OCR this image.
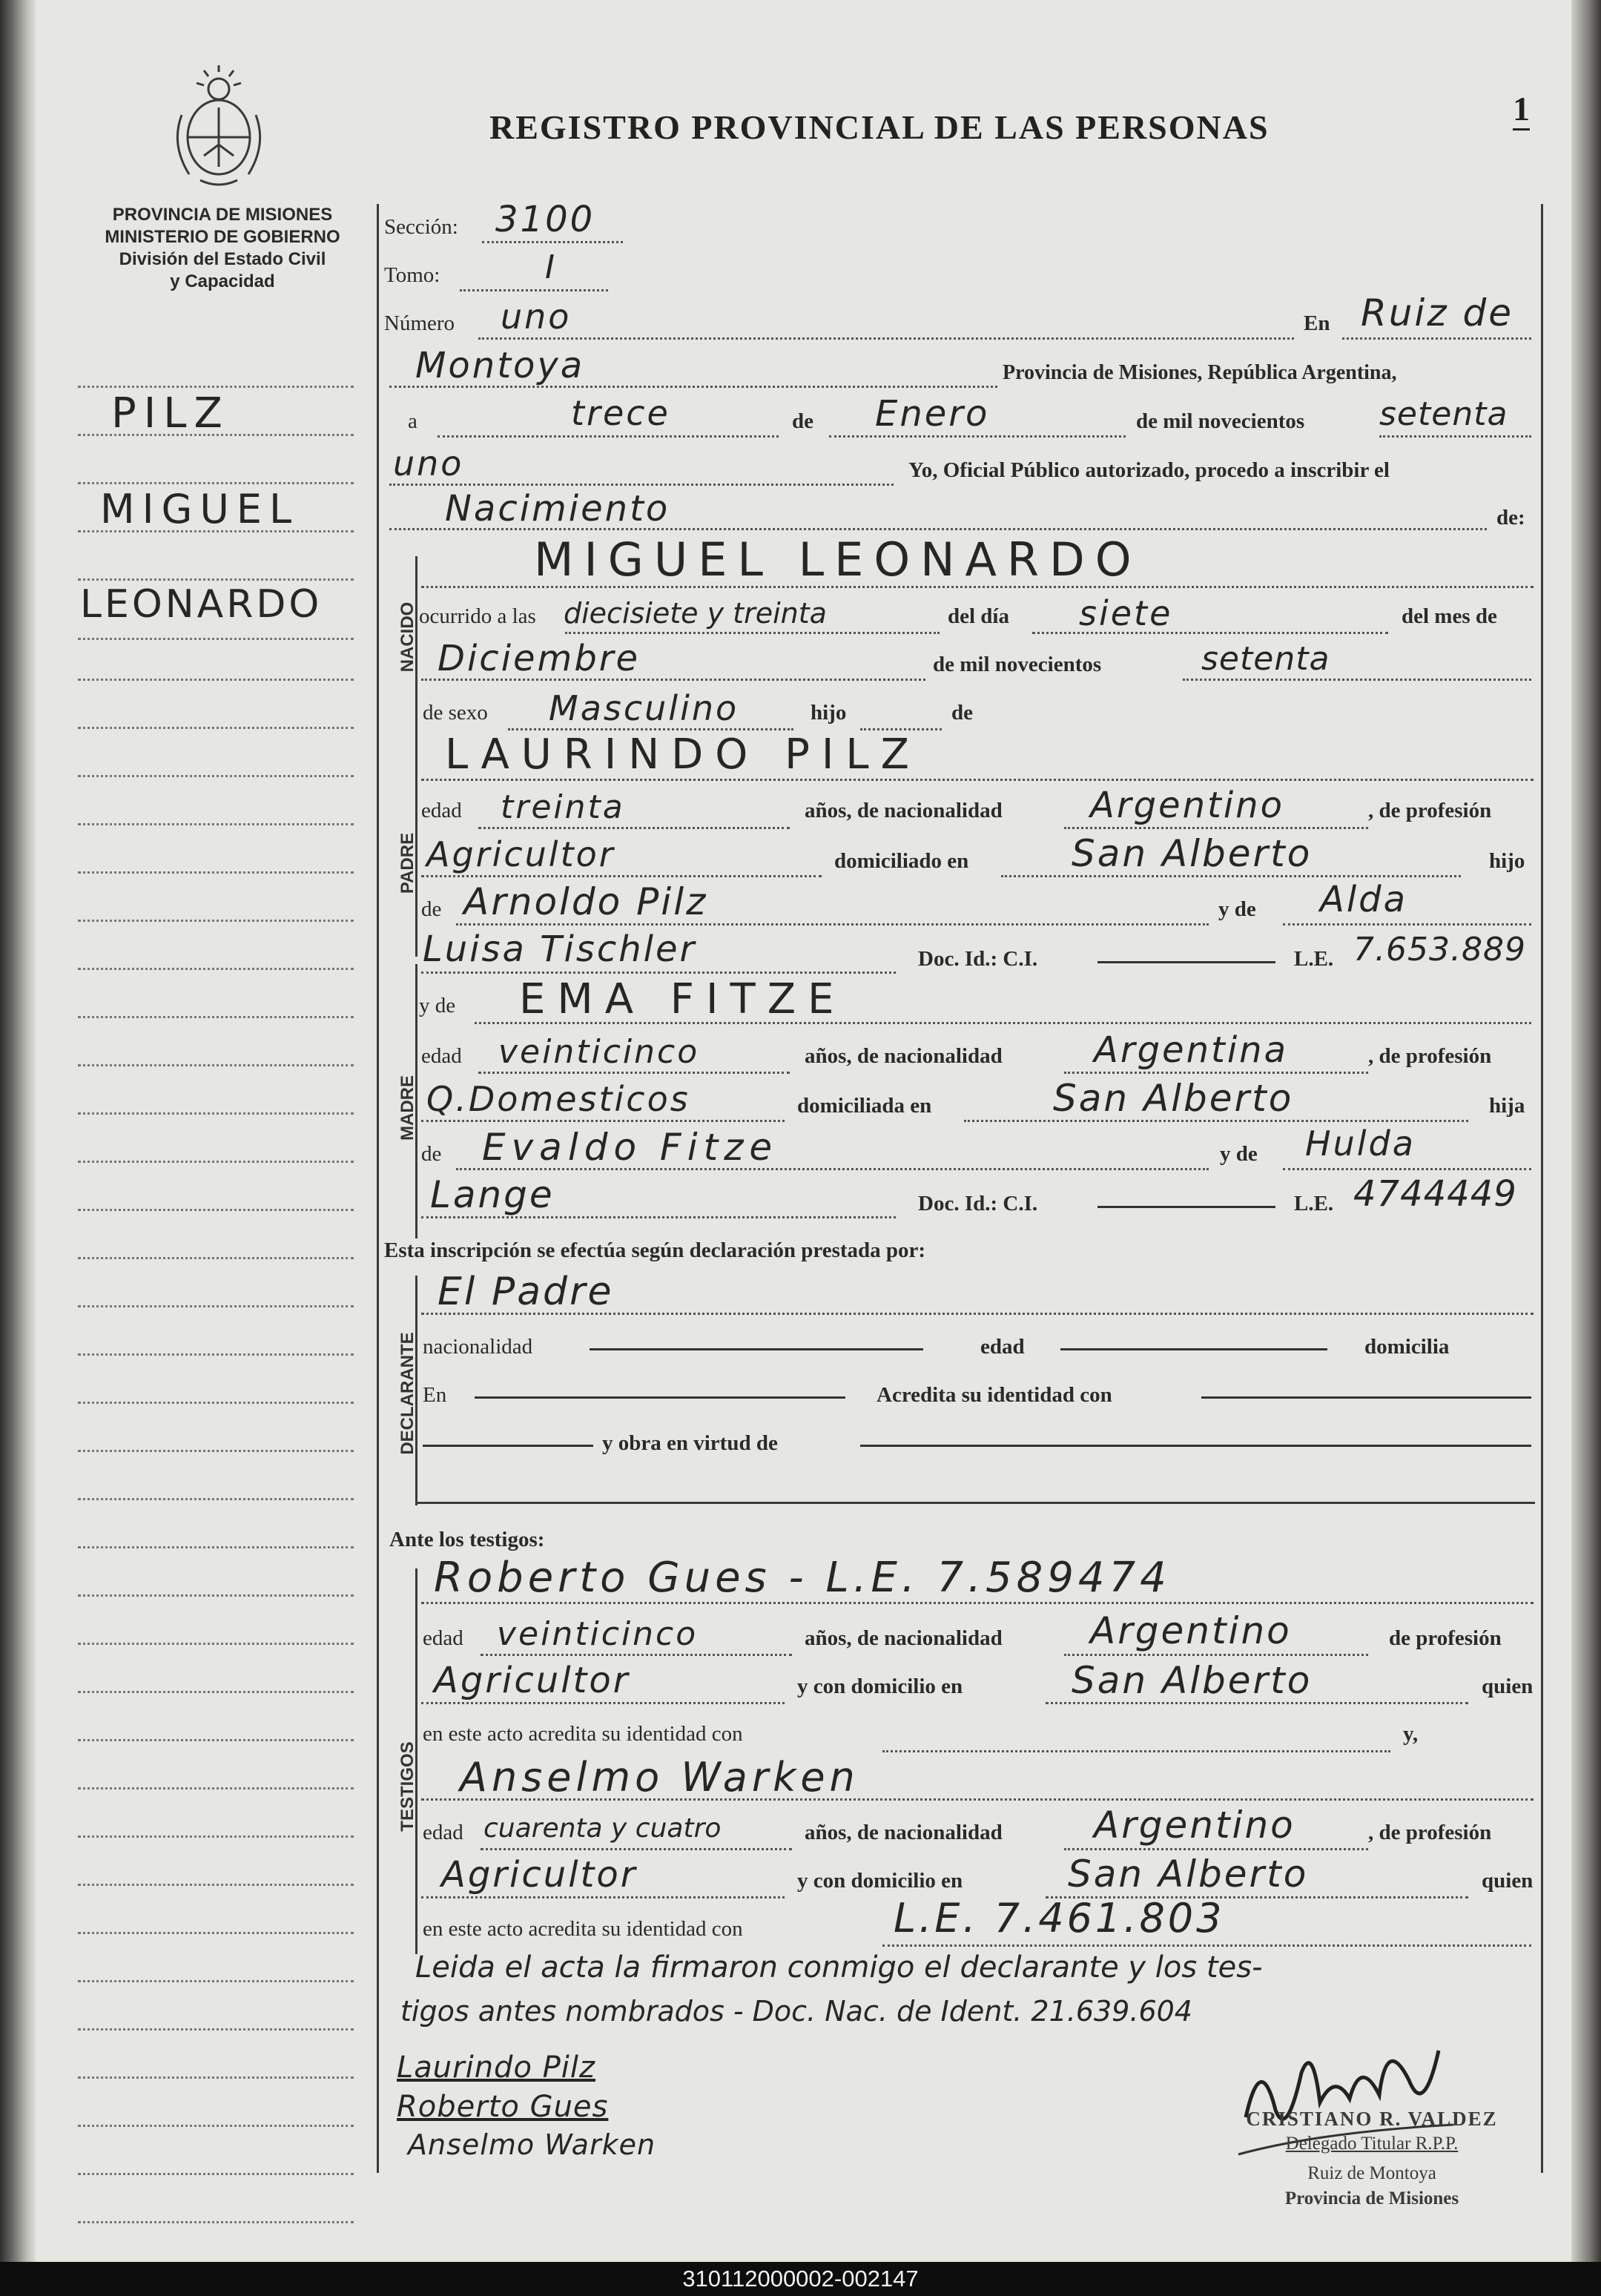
PROVINCIA DE MISIONES
MINISTERIO DE GOBIERNO
División del Estado Civil
y Capacidad
REGISTRO PROVINCIAL DE LAS PERSONAS	1
PILZ
MIGUEL
LEONARDO	NACIDO
PADRE
MADRE
DECLARANTE
TESTIGOS
Sección: 3100
Tomo:	I
Número uno	En Ruiz de
Montoya	Provincia de Misiones, República Argentina,
a	trece	de Enero	de mil novecientos setenta
uno	Yo, Oficial Público autorizado, procedo a inscribir el
Nacimiento	de:
MIGUEL LEONARDO
ocurrido a las diecisiete y treinta	del día siete	del mes de
Diciembre	de mil novecientos	setenta
de sexo Masculino	hijo	de
LAURINDO PILZ
edad treinta	años, de nacionalidad Argentino	, de profesión
Agricultor	domiciliado en	San Alberto	hijo
de Arnoldo Pilz	y de Alda
Luisa Tischler	Doc. Id.: C.I.	L.E. 7.653.889
y de EMA FITZE
edad veinticinco	años, de nacionalidad	Argentina	, de profesión
Q.Domesticos	domiciliada en	San Alberto	hija
de Evaldo Fitze	y de Hulda
Lange	Doc. Id.: C.I.	L.E. 4744449
Esta inscripción se efectúa según declaración prestada por:
El Padre
nacionalidad	edad	domicilia
En	Acredita su identidad con
y obra en virtud de
Ante los testigos:
Roberto Gues - L.E. 7.589474
edad veinticinco	años, de nacionalidad Argentino	de profesión
Agricultor	y con domicilio en	San Alberto	quien
en este acto acredita su identidad con	y,
Anselmo Warken
edad cuarenta y cuatro	años, de nacionalidad Argentino	, de profesión
Agricultor	y con domicilio en	San Alberto	quien
en este acto acredita su identidad con	L.E. 7.461.803
Leida el acta la firmaron conmigo el declarante y los tes-
tigos antes nombrados - Doc. Nac. de Ident. 21.639.604
Laurindo Pilz
Roberto Gues
Anselmo Warken
CRISTIANO R. VALDEZ
Delegado Titular R.P.P.
Ruiz de Montoya
Provincia de Misiones
310112000002-002147
